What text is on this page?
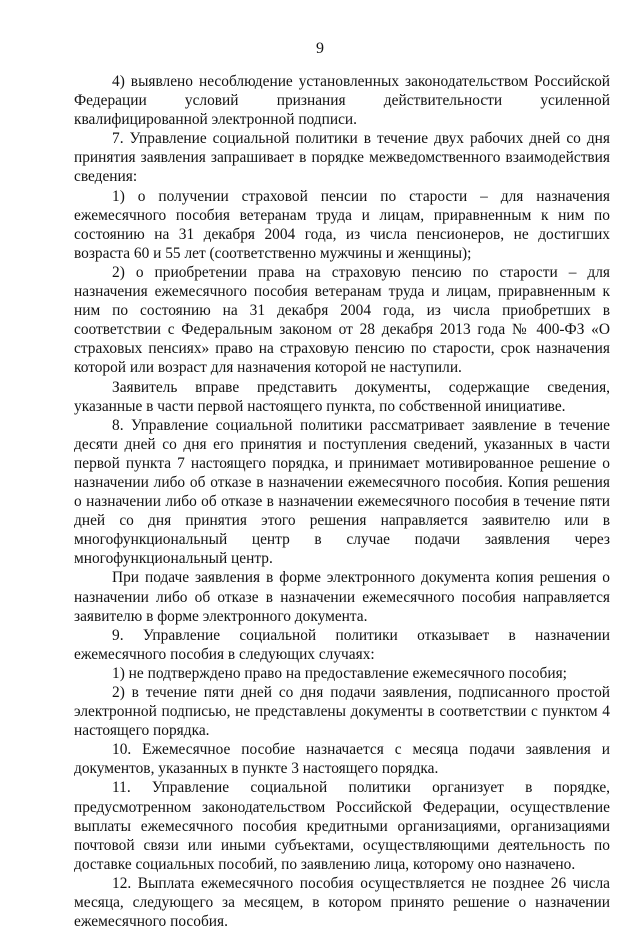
9

4) выявлено несоблюдение установленных законодательством Российской Федерации условий признания действительности усиленной квалифицированной электронной подписи.

7. Управление социальной политики в течение двух рабочих дней со дня принятия заявления запрашивает в порядке межведомственного взаимодействия сведения:

1) о получении страховой пенсии по старости – для назначения ежемесячного пособия ветеранам труда и лицам, приравненным к ним по состоянию на 31 декабря 2004 года, из числа пенсионеров, не достигших возраста 60 и 55 лет (соответственно мужчины и женщины);

2) о приобретении права на страховую пенсию по старости – для назначения ежемесячного пособия ветеранам труда и лицам, приравненным к ним по состоянию на 31 декабря 2004 года, из числа приобретших в соответствии с Федеральным законом от 28 декабря 2013 года № 400-ФЗ «О страховых пенсиях» право на страховую пенсию по старости, срок назначения которой или возраст для назначения которой не наступили.

Заявитель вправе представить документы, содержащие сведения, указанные в части первой настоящего пункта, по собственной инициативе.

8. Управление социальной политики рассматривает заявление в течение десяти дней со дня его принятия и поступления сведений, указанных в части первой пункта 7 настоящего порядка, и принимает мотивированное решение о назначении либо об отказе в назначении ежемесячного пособия. Копия решения о назначении либо об отказе в назначении ежемесячного пособия в течение пяти дней со дня принятия этого решения направляется заявителю или в многофункциональный центр в случае подачи заявления через многофункциональный центр.

При подаче заявления в форме электронного документа копия решения о назначении либо об отказе в назначении ежемесячного пособия направляется заявителю в форме электронного документа.

9. Управление социальной политики отказывает в назначении ежемесячного пособия в следующих случаях:

1) не подтверждено право на предоставление ежемесячного пособия;

2) в течение пяти дней со дня подачи заявления, подписанного простой электронной подписью, не представлены документы в соответствии с пунктом 4 настоящего порядка.

10. Ежемесячное пособие назначается с месяца подачи заявления и документов, указанных в пункте 3 настоящего порядка.

11. Управление социальной политики организует в порядке, предусмотренном законодательством Российской Федерации, осуществление выплаты ежемесячного пособия кредитными организациями, организациями почтовой связи или иными субъектами, осуществляющими деятельность по доставке социальных пособий, по заявлению лица, которому оно назначено.

12. Выплата ежемесячного пособия осуществляется не позднее 26 числа месяца, следующего за месяцем, в котором принято решение о назначении ежемесячного пособия.
